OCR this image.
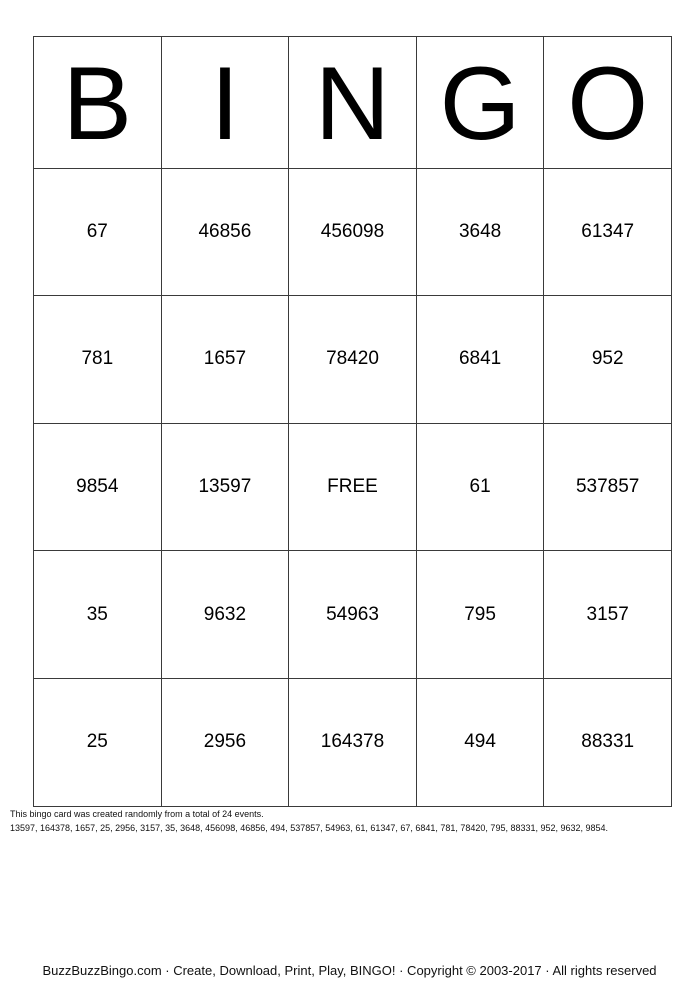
B	I	N	G	O
67	46856	456098	3648	61347
781	1657	78420	6841	952
9854	13597	FREE	61	537857
35	9632	54963	795	3157
25	2956	164378	494	88331
This bingo card was created randomly from a total of 24 events.
13597, 164378, 1657, 25, 2956, 3157, 35, 3648, 456098, 46856, 494, 537857, 54963, 61, 61347, 67, 6841, 781, 78420, 795, 88331, 952, 9632, 9854.
BuzzBuzzBingo.com · Create, Download, Print, Play, BINGO! · Copyright © 2003-2017 · All rights reserved
